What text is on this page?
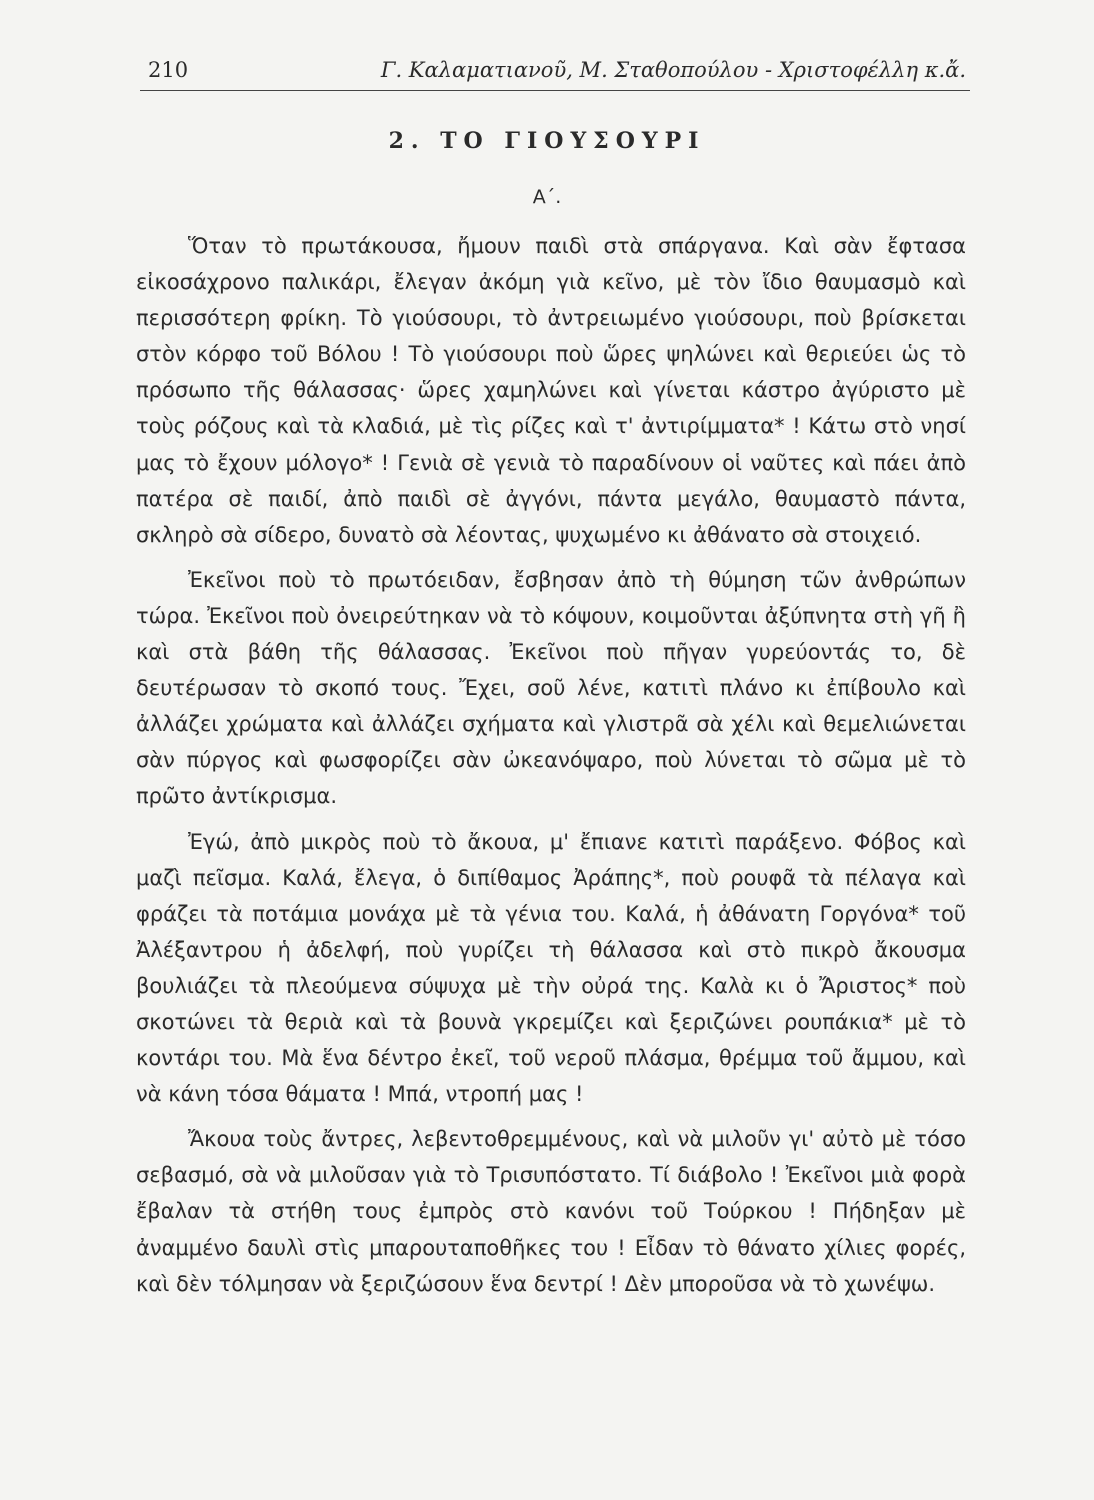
210	Γ. Καλαματιανοῦ, Μ. Σταθοπούλου - Χριστοφέλλη κ.ἄ.
2. ΤΟ ΓΙΟΥΣΟΥΡΙ
Α΄.

Ὅταν τὸ πρωτάκουσα, ἤμουν παιδὶ στὰ σπάργανα. Καὶ σὰν ἔφτασα εἰκοσάχρονο παλικάρι, ἔλεγαν ἀκόμη γιὰ κεῖνο, μὲ τὸν ἴδιο θαυμασμὸ καὶ περισσότερη φρίκη. Τὸ γιούσουρι, τὸ ἀντρειωμένο γιούσουρι, ποὺ βρίσκεται στὸν κόρφο τοῦ Βόλου ! Τὸ γιούσουρι ποὺ ὥρες ψηλώνει καὶ θεριεύει ὡς τὸ πρόσωπο τῆς θάλασσας· ὥρες χαμηλώνει καὶ γίνεται κάστρο ἀγύριστο μὲ τοὺς ρόζους καὶ τὰ κλαδιά, μὲ τὶς ρίζες καὶ τ' ἀντιρίμματα* ! Κάτω στὸ νησί μας τὸ ἔχουν μόλογο* ! Γενιὰ σὲ γενιὰ τὸ παραδίνουν οἱ ναῦτες καὶ πάει ἀπὸ πατέρα σὲ παιδί, ἀπὸ παιδὶ σὲ ἀγγόνι, πάντα μεγάλο, θαυμαστὸ πάντα, σκληρὸ σὰ σίδερο, δυνατὸ σὰ λέοντας, ψυχωμένο κι ἀθάνατο σὰ στοιχειό.

Ἐκεῖνοι ποὺ τὸ πρωτόειδαν, ἔσβησαν ἀπὸ τὴ θύμηση τῶν ἀνθρώπων τώρα. Ἐκεῖνοι ποὺ ὀνειρεύτηκαν νὰ τὸ κόψουν, κοιμοῦνται ἀξύπνητα στὴ γῆ ἢ καὶ στὰ βάθη τῆς θάλασσας. Ἐκεῖνοι ποὺ πῆγαν γυρεύοντάς το, δὲ δευτέρωσαν τὸ σκοπό τους. Ἔχει, σοῦ λένε, κατιτὶ πλάνο κι ἐπίβουλο καὶ ἀλλάζει χρώματα καὶ ἀλλάζει σχήματα καὶ γλιστρᾶ σὰ χέλι καὶ θεμελιώνεται σὰν πύργος καὶ φωσφορίζει σὰν ὠκεανόψαρο, ποὺ λύνεται τὸ σῶμα μὲ τὸ πρῶτο ἀντίκρισμα.

Ἐγώ, ἀπὸ μικρὸς ποὺ τὸ ἄκουα, μ' ἔπιανε κατιτὶ παράξενο. Φόβος καὶ μαζὶ πεῖσμα. Καλά, ἔλεγα, ὁ διπίθαμος Ἀράπης*, ποὺ ρουφᾶ τὰ πέλαγα καὶ φράζει τὰ ποτάμια μονάχα μὲ τὰ γένια του. Καλά, ἡ ἀθάνατη Γοργόνα* τοῦ Ἀλέξαντρου ἡ ἀδελφή, ποὺ γυρίζει τὴ θάλασσα καὶ στὸ πικρὸ ἄκουσμα βουλιάζει τὰ πλεούμενα σύψυχα μὲ τὴν οὐρά της. Καλὰ κι ὁ Ἄριστος* ποὺ σκοτώνει τὰ θεριὰ καὶ τὰ βουνὰ γκρεμίζει καὶ ξεριζώνει ρουπάκια* μὲ τὸ κοντάρι του. Μὰ ἕνα δέντρο ἐκεῖ, τοῦ νεροῦ πλάσμα, θρέμμα τοῦ ἄμμου, καὶ νὰ κάνη τόσα θάματα ! Μπά, ντροπή μας !

Ἄκουα τοὺς ἄντρες, λεβεντοθρεμμένους, καὶ νὰ μιλοῦν γι' αὐτὸ μὲ τόσο σεβασμό, σὰ νὰ μιλοῦσαν γιὰ τὸ Τρισυπόστατο. Τί διάβολο ! Ἐκεῖνοι μιὰ φορὰ ἔβαλαν τὰ στήθη τους ἐμπρὸς στὸ κανόνι τοῦ Τούρκου ! Πήδηξαν μὲ ἀναμμένο δαυλὶ στὶς μπαρουταποθῆκες του ! Εἶδαν τὸ θάνατο χίλιες φορές, καὶ δὲν τόλμησαν νὰ ξεριζώσουν ἕνα δεντρί ! Δὲν μποροῦσα νὰ τὸ χωνέψω.
